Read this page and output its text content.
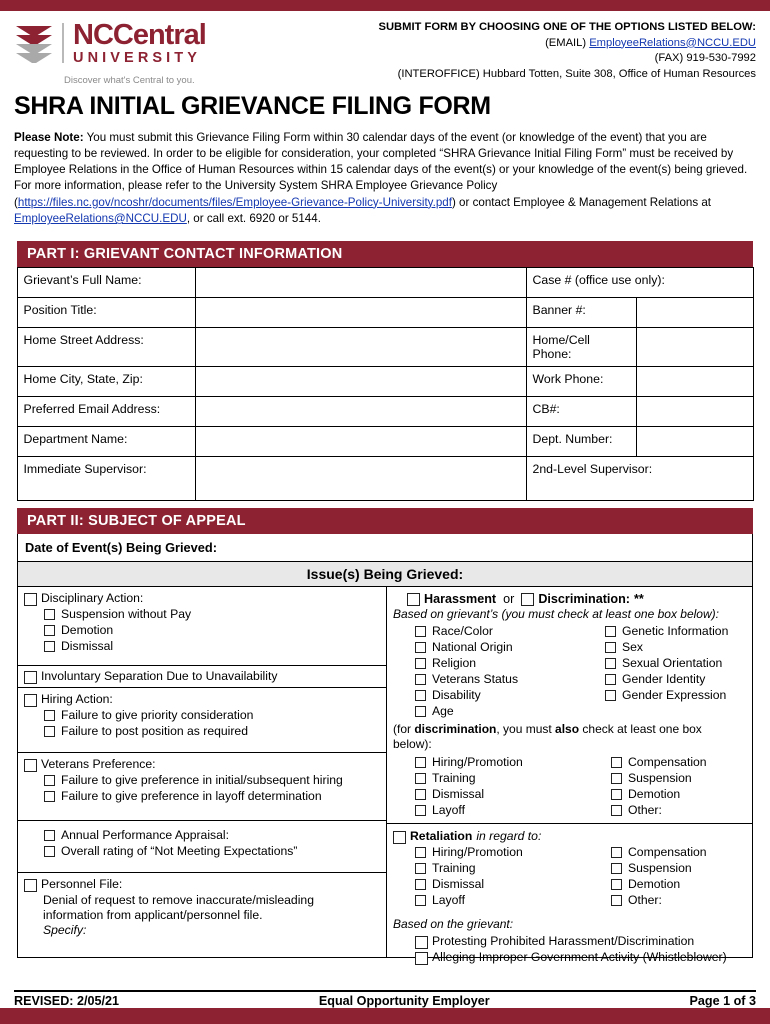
NCCentral
UNIVERSITY
Discover what's Central to you.
SUBMIT FORM BY CHOOSING ONE OF THE OPTIONS LISTED BELOW:
(EMAIL) EmployeeRelations@NCCU.EDU
(FAX) 919-530-7992
(INTEROFFICE) Hubbard Totten, Suite 308, Office of Human Resources
SHRA INITIAL GRIEVANCE FILING FORM
Please Note: You must submit this Grievance Filing Form within 30 calendar days of the event (or knowledge of the event) that you are requesting to be reviewed. In order to be eligible for consideration, your completed “SHRA Grievance Initial Filing Form” must be received by Employee Relations in the Office of Human Resources within 15 calendar days of the event(s) or your knowledge of the event(s) being grieved. For more information, please refer to the University System SHRA Employee Grievance Policy (https://files.nc.gov/ncoshr/documents/files/Employee-Grievance-Policy-University.pdf) or contact Employee & Management Relations at EmployeeRelations@NCCU.EDU, or call ext. 6920 or 5144.
PART I: GRIEVANT CONTACT INFORMATION
Grievant’s Full Name:		Case # (office use only):	
Position Title:		Banner #:	
Home Street Address:		Home/Cell Phone:	
Home City, State, Zip:		Work Phone:	
Preferred Email Address:		CB#:	
Department Name:		Dept. Number:	
Immediate Supervisor:		2nd-Level Supervisor:	
PART II: SUBJECT OF APPEAL
Date of Event(s) Being Grieved:
Issue(s) Being Grieved:
Disciplinary Action:
Suspension without Pay
Demotion
Dismissal
Involuntary Separation Due to Unavailability
Hiring Action:
Failure to give priority consideration
Failure to post position as required
Veterans Preference:
Failure to give preference in initial/subsequent hiring
Failure to give preference in layoff determination
Annual Performance Appraisal:
Overall rating of “Not Meeting Expectations”
Personnel File:
Denial of request to remove inaccurate/misleading
information from applicant/personnel file.
Specify:
Harassment or Discrimination: **
Based on grievant’s (you must check at least one box below):
Race/Color
National Origin
Religion
Veterans Status
Disability
Age
Genetic Information
Sex
Sexual Orientation
Gender Identity
Gender Expression
(for discrimination, you must also check at least one box
below):
Hiring/Promotion
Training
Dismissal
Layoff
Compensation
Suspension
Demotion
Other:
Retaliation in regard to:
Hiring/Promotion
Training
Dismissal
Layoff
Compensation
Suspension
Demotion
Other:
Based on the grievant:
Protesting Prohibited Harassment/Discrimination
Alleging Improper Government Activity (Whistleblower)
REVISED: 2/05/21	Equal Opportunity Employer	Page 1 of 3
